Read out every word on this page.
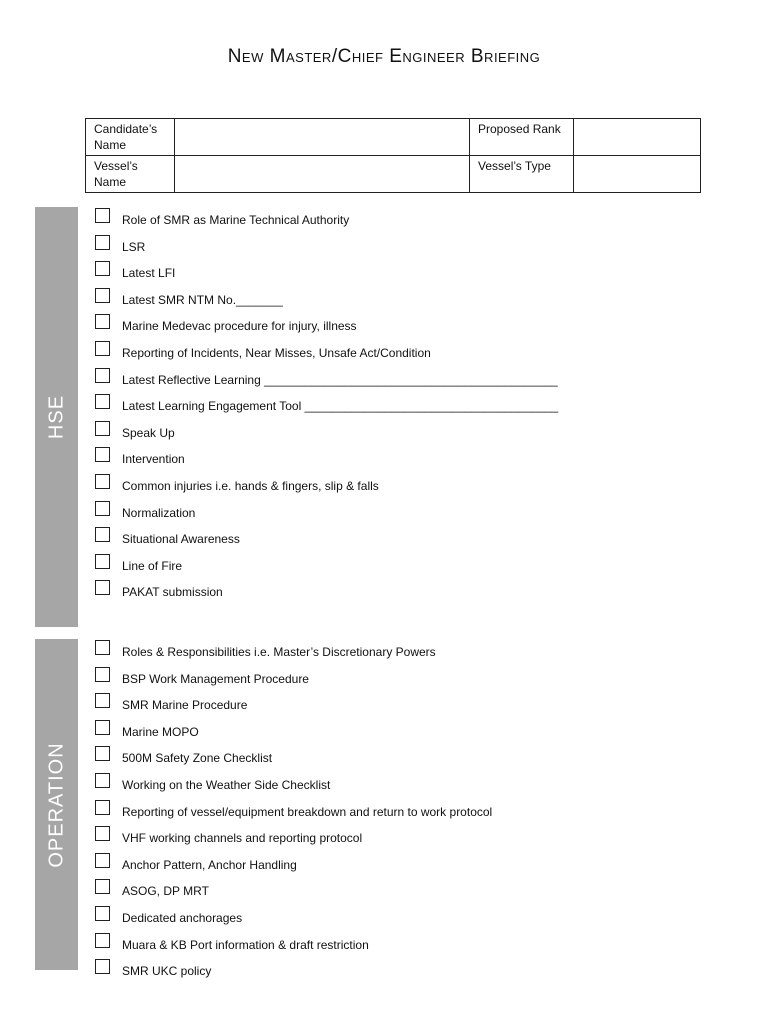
New Master/Chief Engineer Briefing
Candidate’s Name		Proposed Rank	
Vessel’s Name		Vessel’s Type	
HSE
Role of SMR as Marine Technical Authority
LSR
Latest LFI
Latest SMR NTM No._______
Marine Medevac procedure for injury, illness
Reporting of Incidents, Near Misses, Unsafe Act/Condition
Latest Reflective Learning ____________________________________________
Latest Learning Engagement Tool ______________________________________
Speak Up
Intervention
Common injuries i.e. hands & fingers, slip & falls
Normalization
Situational Awareness
Line of Fire
PAKAT submission
OPERATION
Roles & Responsibilities i.e. Master’s Discretionary Powers
BSP Work Management Procedure
SMR Marine Procedure
Marine MOPO
500M Safety Zone Checklist
Working on the Weather Side Checklist
Reporting of vessel/equipment breakdown and return to work protocol
VHF working channels and reporting protocol
Anchor Pattern, Anchor Handling
ASOG, DP MRT
Dedicated anchorages
Muara & KB Port information & draft restriction
SMR UKC policy
